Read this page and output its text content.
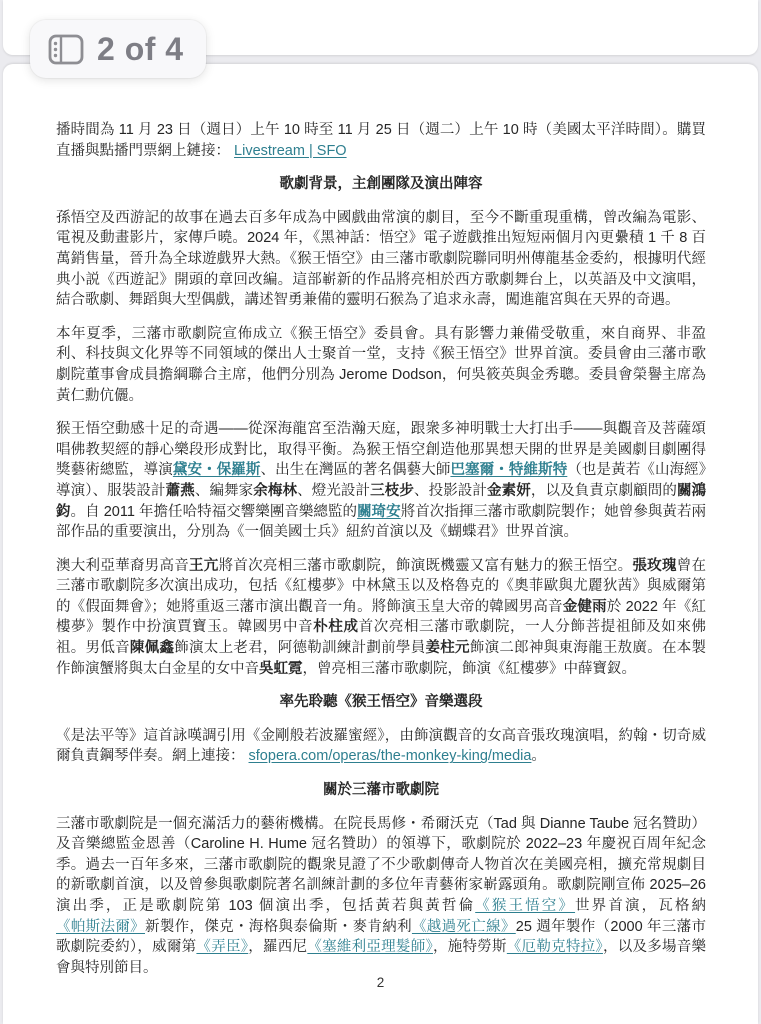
播時間為 11 月 23 日（週日）上午 10 時至 11 月 25 日（週二）上午 10 時（美國太平洋時間）。購買直播與點播門票網上鏈接： Livestream | SFO

歌劇背景，主創團隊及演出陣容

孫悟空及西游記的故事在過去百多年成為中國戲曲常演的劇目，至今不斷重現重構，曾改編為電影、電視及動畫影片，家傳戶曉。2024 年，《黑神話：悟空》電子遊戲推出短短兩個月內更纍積 1 千 8 百萬銷售量，晉升為全球遊戲界大熱。《猴王悟空》由三藩市歌劇院聯同明州傳龍基金委約，根據明代經典小説《西遊記》開頭的章回改編。這部嶄新的作品將亮相於西方歌劇舞台上，以英語及中文演唱，結合歌劇、舞蹈與大型偶戲，講述智勇兼備的靈明石猴為了追求永壽，闖進龍宮與在天界的奇遇。

本年夏季，三藩市歌劇院宣佈成立《猴王悟空》委員會。具有影響力兼備受敬重，來自商界、非盈利、科技與文化界等不同領域的傑出人士聚首一堂，支持《猴王悟空》世界首演。委員會由三藩市歌劇院董事會成員擔綱聯合主席，他們分別為 Jerome Dodson，何吳筱英與金秀聰。委員會榮譽主席為黃仁勳伉儷。

猴王悟空動感十足的奇遇——從深海龍宮至浩瀚天庭，跟衆多神明戰士大打出手——與觀音及菩薩頌唱佛教契經的靜心樂段形成對比，取得平衡。為猴王悟空創造他那異想天開的世界是美國劇目劇團得獎藝術總監，導演黛安・保羅斯、出生在灣區的著名偶藝大師巴塞爾・特維斯特（也是黃若《山海經》導演）、服裝設計蕭燕、編舞家余梅林、燈光設計三枝步、投影設計金素妍，以及負責京劇顧問的關鴻鈞。自 2011 年擔任哈特福交響樂團音樂總監的關琦安將首次指揮三藩市歌劇院製作；她曾參與黃若兩部作品的重要演出，分別為《一個美國士兵》紐約首演以及《蝴蝶君》世界首演。

澳大利亞華裔男高音王亢將首次亮相三藩市歌劇院，飾演既機靈又富有魅力的猴王悟空。張玫瑰曾在三藩市歌劇院多次演出成功，包括《紅樓夢》中林黛玉以及格魯克的《奧菲歐與尤麗狄茜》與威爾第的《假面舞會》；她將重返三藩市演出觀音一角。將飾演玉皇大帝的韓國男高音金健雨於 2022 年《紅樓夢》製作中扮演賈寶玉。韓國男中音朴柱成首次亮相三藩市歌劇院，一人分飾菩提祖師及如來佛祖。男低音陳佩鑫飾演太上老君，阿德勒訓練計劃前學員姜柱元飾演二郎神與東海龍王敖廣。在本製作飾演蟹將與太白金星的女中音吳虹霓，曾亮相三藩市歌劇院，飾演《紅樓夢》中薛寶釵。

率先聆聽《猴王悟空》音樂選段

《是法平等》這首詠嘆調引用《金剛般若波羅蜜經》，由飾演觀音的女高音張玫瑰演唱，約翰・切奇威爾負責鋼琴伴奏。網上連接： sfopera.com/operas/the-monkey-king/media。

關於三藩市歌劇院

三藩市歌劇院是一個充滿活力的藝術機構。在院長馬修・希爾沃克（Tad 與 Dianne Taube 冠名贊助）及音樂總監金恩善（Caroline H. Hume 冠名贊助）的領導下，歌劇院於 2022–23 年慶祝百周年紀念季。過去一百年多來，三藩市歌劇院的觀衆見證了不少歌劇傳奇人物首次在美國亮相，擴充常規劇目的新歌劇首演，以及曾參與歌劇院著名訓練計劃的多位年青藝術家嶄露頭角。歌劇院剛宣佈 2025–26 演出季，正是歌劇院第 103 個演出季，包括黃若與黃哲倫《猴王悟空》世界首演，瓦格納《帕斯法爾》新製作，傑克・海格與泰倫斯・麥肯納利《越過死亡線》25 週年製作（2000 年三藩市歌劇院委約），威爾第《弄臣》，羅西尼《塞維利亞理髮師》，施特勞斯《厄勒克特拉》，以及多場音樂會與特別節目。

2
2 of 4
